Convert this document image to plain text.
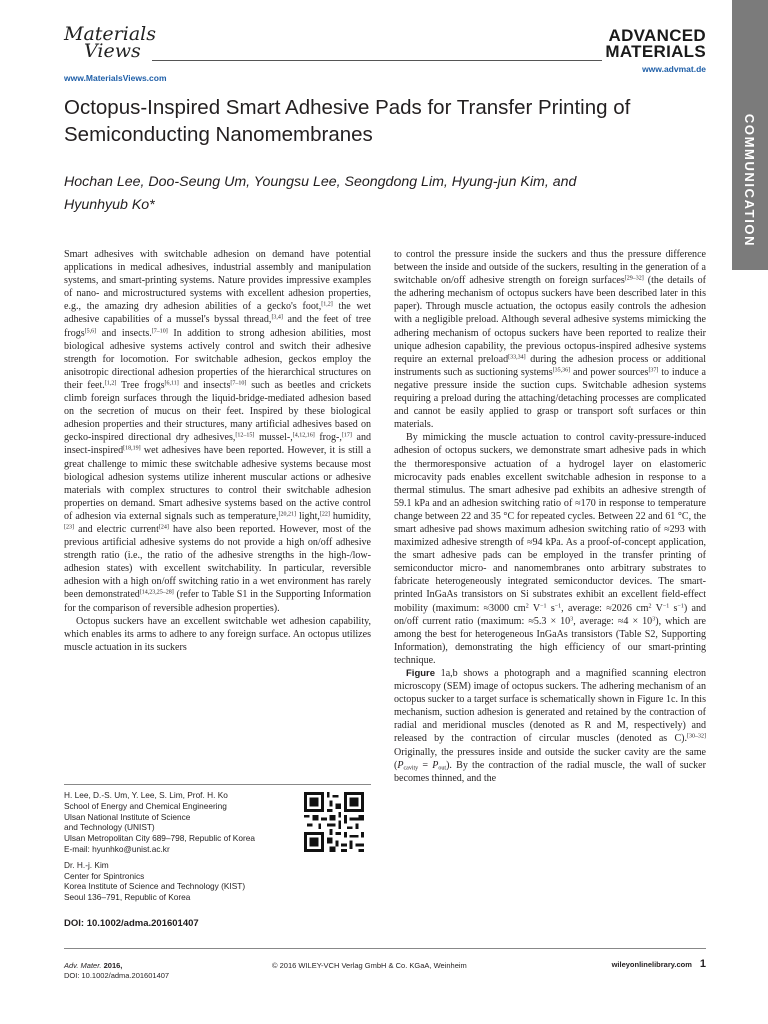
Materials
Views
ADVANCED
MATERIALS
www.MaterialsViews.com
www.advmat.de
COMMUNICATION
Octopus-Inspired Smart Adhesive Pads for Transfer Printing of Semiconducting Nanomembranes
Hochan Lee, Doo-Seung Um, Youngsu Lee, Seongdong Lim, Hyung-jun Kim, and Hyunhyub Ko*

Smart adhesives with switchable adhesion on demand have potential applications in medical adhesives, industrial assembly and manipulation systems, and smart-printing systems. Nature provides impressive examples of nano- and microstructured systems with excellent adhesion properties, e.g., the amazing dry adhesion abilities of a gecko's foot,[1,2] the wet adhesive capabilities of a mussel's byssal thread,[3,4] and the feet of tree frogs[5,6] and insects.[7–10] In addition to strong adhesion abilities, most biological adhesive systems actively control and switch their adhesive strength for locomotion. For switchable adhesion, geckos employ the anisotropic directional adhesion properties of the hierarchical structures on their feet.[1,2] Tree frogs[6,11] and insects[7–10] such as beetles and crickets climb foreign surfaces through the liquid-bridge-mediated adhesion based on the secretion of mucus on their feet. Inspired by these biological adhesion properties and their structures, many artificial adhesives based on gecko-inspired directional dry adhesives,[12–15] mussel-,[4,12,16] frog-,[17] and insect-inspired[18,19] wet adhesives have been reported. However, it is still a great challenge to mimic these switchable adhesive systems because most biological adhesion systems utilize inherent muscular actions or adhesive materials with complex structures to control their switchable adhesion properties on demand. Smart adhesive systems based on the active control of adhesion via external signals such as temperature,[20,21] light,[22] humidity,[23] and electric current[24] have also been reported. However, most of the previous artificial adhesive systems do not provide a high on/off adhesive strength ratio (i.e., the ratio of the adhesive strengths in the high-/low-adhesion states) with excellent switchability. In particular, reversible adhesion with a high on/off switching ratio in a wet environment has rarely been demonstrated[14,23,25–28] (refer to Table S1 in the Supporting Information for the comparison of reversible adhesion properties).

Octopus suckers have an excellent switchable wet adhesion capability, which enables its arms to adhere to any foreign surface. An octopus utilizes muscle actuation in its suckers

to control the pressure inside the suckers and thus the pressure difference between the inside and outside of the suckers, resulting in the generation of a switchable on/off adhesive strength on foreign surfaces[29–32] (the details of the adhering mechanism of octopus suckers have been described later in this paper). Through muscle actuation, the octopus easily controls the adhesion with a negligible preload. Although several adhesive systems mimicking the adhering mechanism of octopus suckers have been reported to realize their unique adhesion capability, the previous octopus-inspired adhesive systems require an external preload[33,34] during the adhesion process or additional instruments such as suctioning systems[35,36] and power sources[37] to induce a negative pressure inside the suction cups. Switchable adhesion systems requiring a preload during the attaching/detaching processes are complicated and cannot be easily applied to grasp or transport soft surfaces or thin materials.

By mimicking the muscle actuation to control cavity-pressure-induced adhesion of octopus suckers, we demonstrate smart adhesive pads in which the thermoresponsive actuation of a hydrogel layer on elastomeric microcavity pads enables excellent switchable adhesion in response to a thermal stimulus. The smart adhesive pad exhibits an adhesive strength of 59.1 kPa and an adhesion switching ratio of ≈170 in response to temperature change between 22 and 35 °C for repeated cycles. Between 22 and 61 °C, the smart adhesive pad shows maximum adhesion switching ratio of ≈293 with maximized adhesive strength of ≈94 kPa. As a proof-of-concept application, the smart adhesive pads can be employed in the transfer printing of semiconductor micro- and nanomembranes onto arbitrary substrates to fabricate heterogeneously integrated semiconductor devices. The smart-printed InGaAs transistors on Si substrates exhibit an excellent field-effect mobility (maximum: ≈3000 $cm^2$ $V^{-1}$ $s^{-1}$, average: ≈2026 $cm^2$ $V^{-1}$ $s^{-1}$) and on/off current ratio (maximum: $\approx 5.3 \times 10^3$, average: $\approx 4 \times 10^3$), which are among the best for heterogeneous InGaAs transistors (Table S2, Supporting Information), demonstrating the high efficiency of our smart-printing technique.

Figure 1a,b shows a photograph and a magnified scanning electron microscopy (SEM) image of octopus suckers. The adhering mechanism of an octopus sucker to a target surface is schematically shown in Figure 1c. In this mechanism, suction adhesion is generated and retained by the contraction of radial and meridional muscles (denoted as R and M, respectively) and released by the contraction of circular muscles (denoted as C).[30–32] Originally, the pressures inside and outside the sucker cavity are the same $(P_{cavity} = P_{out})$. By the contraction of the radial muscle, the wall of sucker becomes thinned, and the

H. Lee, D.-S. Um, Y. Lee, S. Lim, Prof. H. Ko
School of Energy and Chemical Engineering
Ulsan National Institute of Science
and Technology (UNIST)
Ulsan Metropolitan City 689–798, Republic of Korea
E-mail: hyunhko@unist.ac.kr
Dr. H.-j. Kim
Center for Spintronics
Korea Institute of Science and Technology (KIST)
Seoul 136–791, Republic of Korea
DOI: 10.1002/adma.201601407
Adv. Mater. 2016,
DOI: 10.1002/adma.201601407
© 2016 WILEY-VCH Verlag GmbH & Co. KGaA, Weinheim	wileyonlinelibrary.com 1
